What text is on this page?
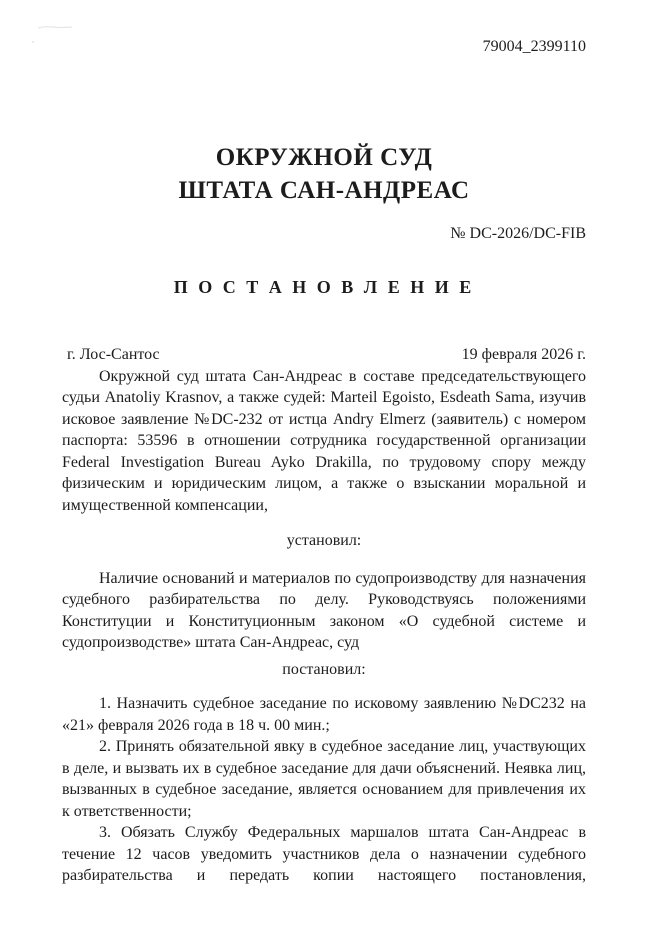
79004_2399110
ОКРУЖНОЙ СУД
ШТАТА САН-АНДРЕАС
№ DC-2026/DC-FIB
П О С Т А Н О В Л Е Н И Е
г. Лос-Сантос	19 февраля 2026 г.

Окружной суд штата Сан-Андреас в составе председательствующего судьи Anatoliy Krasnov, а также судей: Marteil Egoisto, Esdeath Sama, изучив исковое заявление №DC-232 от истца Andry Elmerz (заявитель) с номером паспорта: 53596 в отношении сотрудника государственной организации Federal Investigation Bureau Ayko Drakilla, по трудовому спору между физическим и юридическим лицом, а также о взыскании моральной и имущественной компенсации,

установил:

Наличие оснований и материалов по судопроизводству для назначения судебного разбирательства по делу. Руководствуясь положениями Конституции и Конституционным законом «О судебной системе и судопроизводстве» штата Сан-Андреас, суд

постановил:

1. Назначить судебное заседание по исковому заявлению №DC232 на «21» февраля 2026 года в 18 ч. 00 мин.;

2. Принять обязательной явку в судебное заседание лиц, участвующих в деле, и вызвать их в судебное заседание для дачи объяснений. Неявка лиц, вызванных в судебное заседание, является основанием для привлечения их к ответственности;

3. Обязать Службу Федеральных маршалов штата Сан-Андреас в течение 12 часов уведомить участников дела о назначении судебного разбирательства и передать копии настоящего постановления,
